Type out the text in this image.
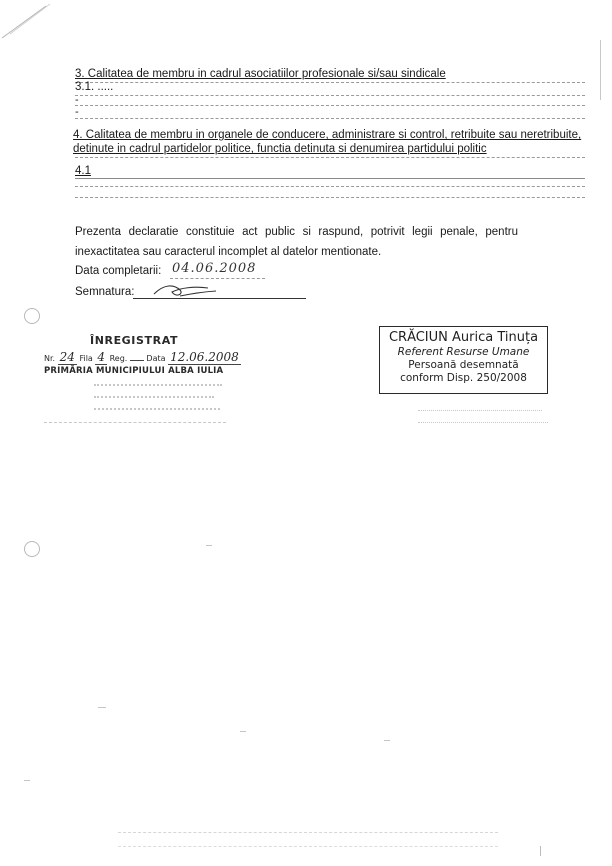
3. Calitatea de membru in cadrul asociatiilor profesionale si/sau sindicale
3.1. .....
-
-
4. Calitatea de membru in organele de conducere, administrare si control, retribuite sau neretribuite,
detinute in cadrul partidelor politice, functia detinuta si denumirea partidului politic
4.1
Prezenta declaratie constituie act public si raspund, potrivit legii penale, pentru inexactitatea sau caracterul incomplet al datelor mentionate.
Data completarii: 04.06.2008
Semnatura:
ÎNREGISTRAT
Nr. 24 Fila 4 Reg. Data 12.06.2008
PRIMĂRIA MUNICIPIULUI ALBA IULIA
CRĂCIUN Aurica Tinuța
Referent Resurse Umane
Persoană desemnată
conform Disp. 250/2008
